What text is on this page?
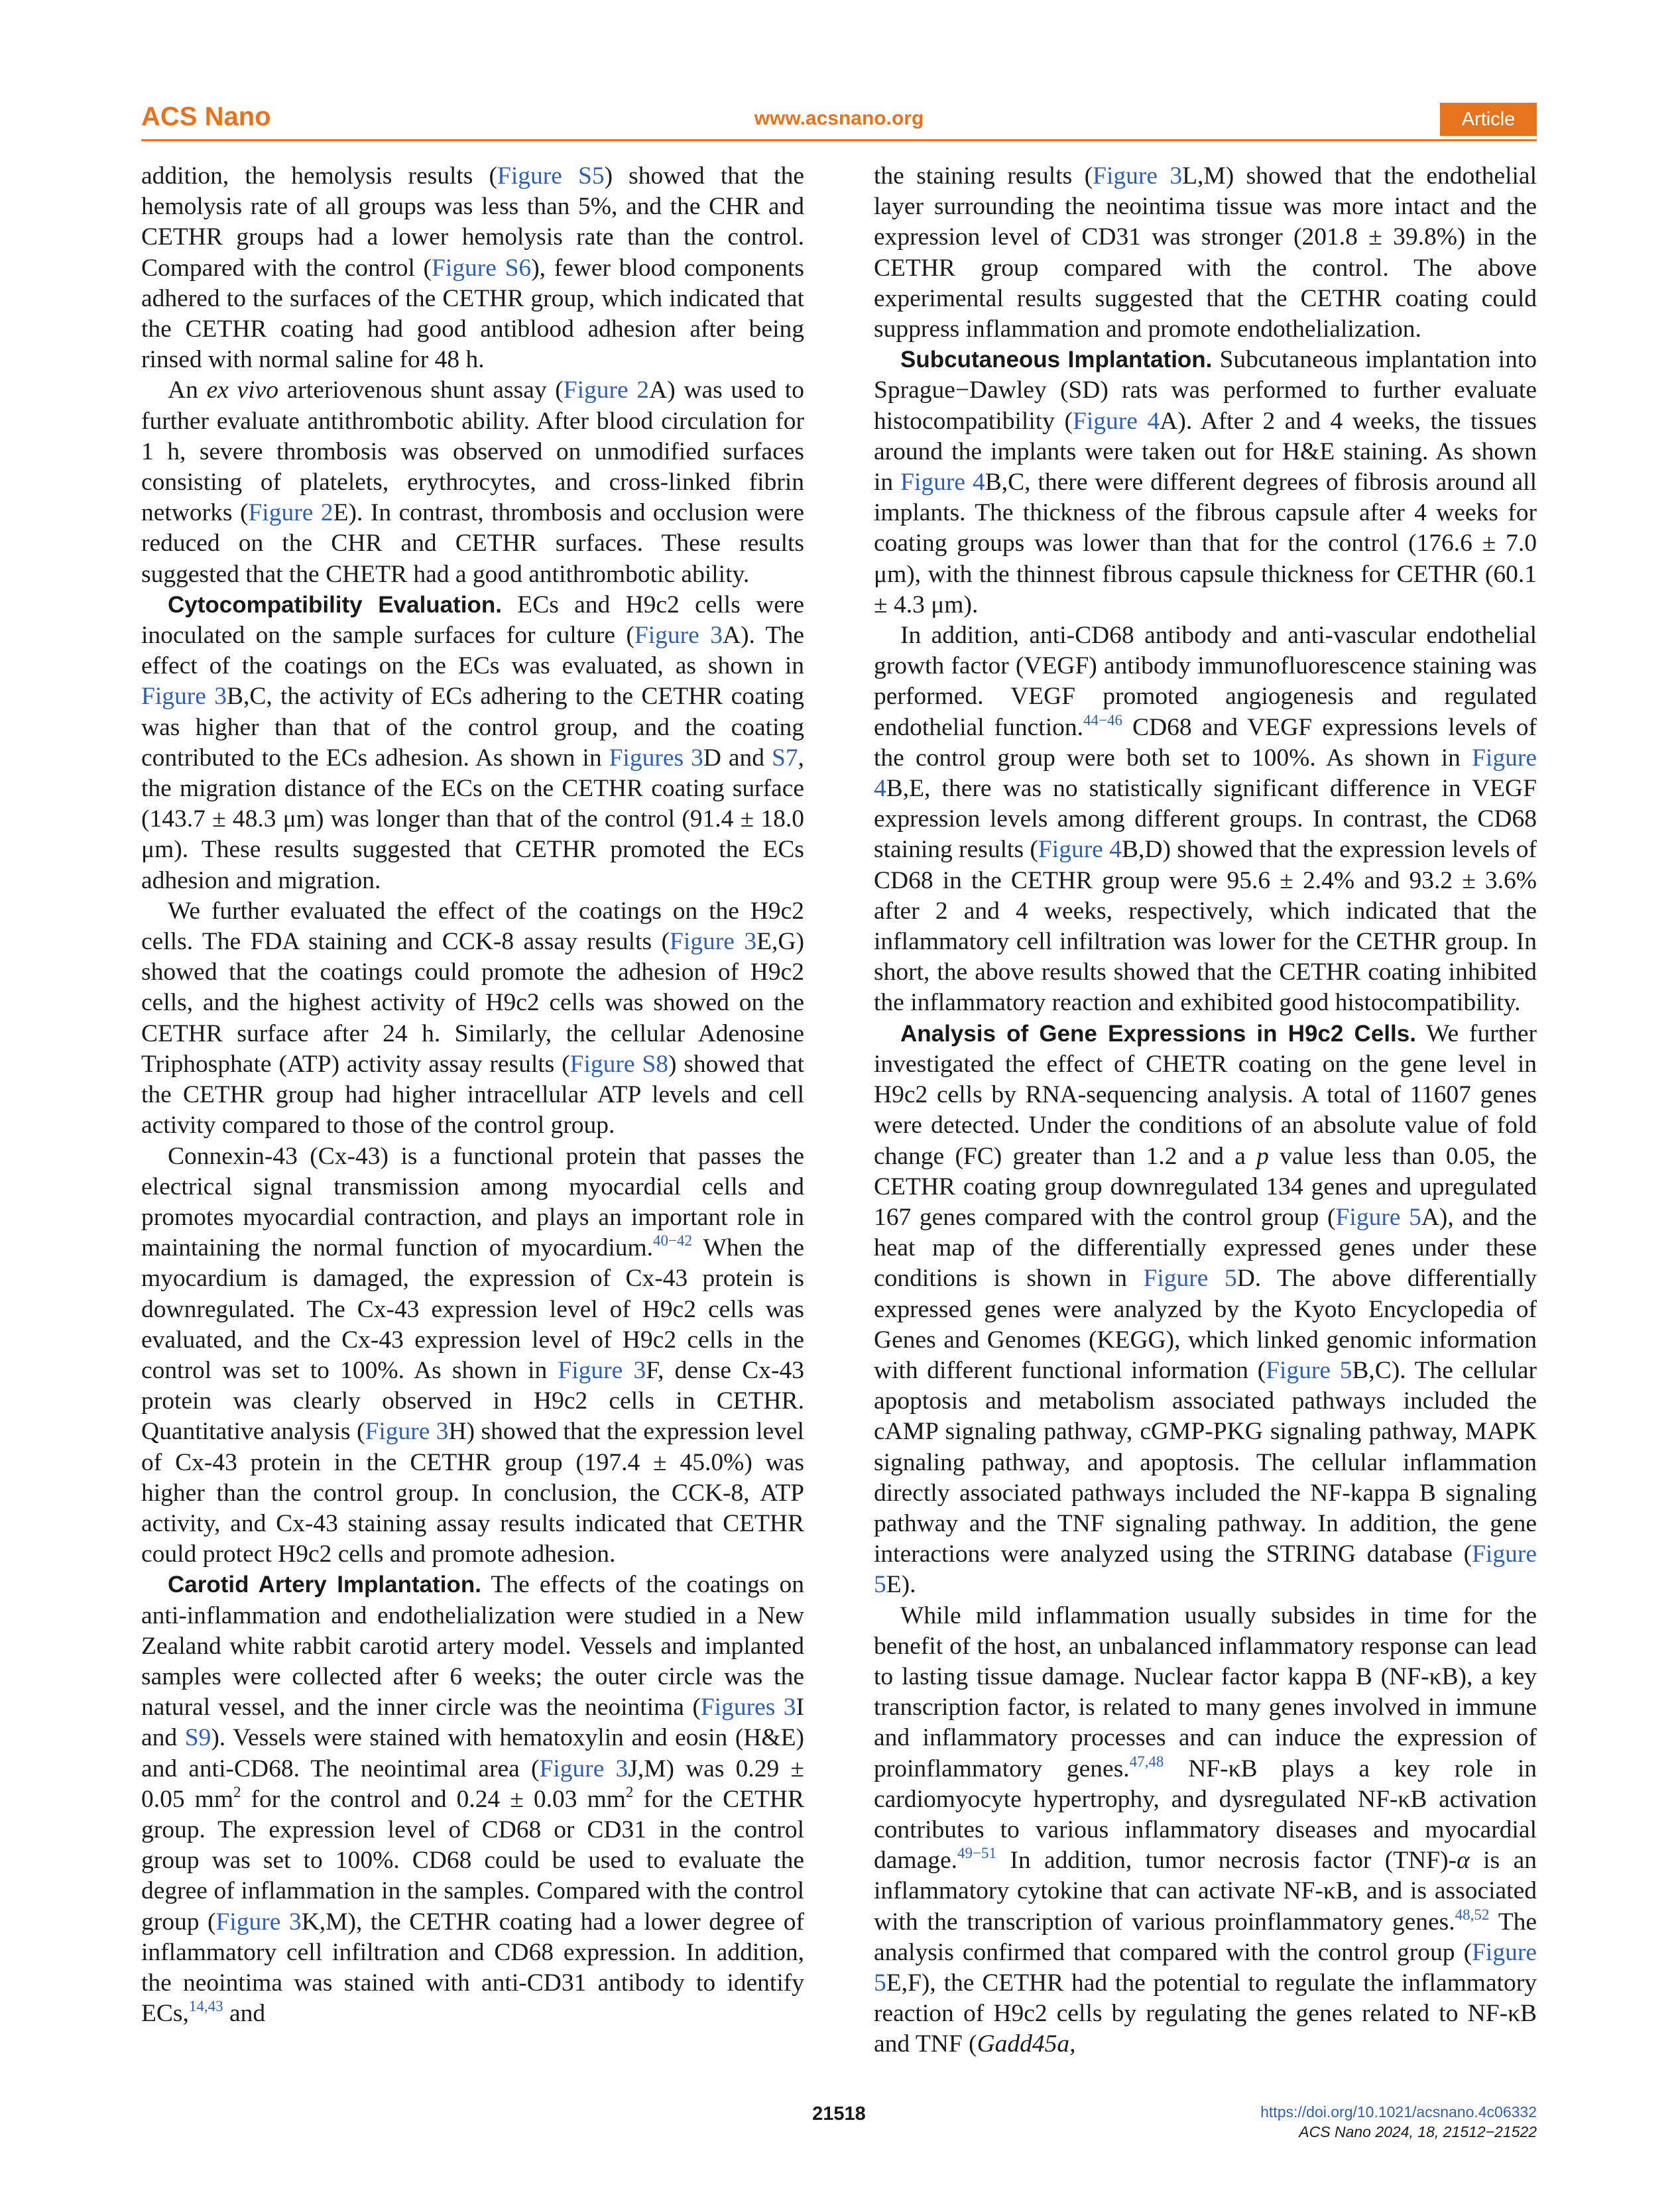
ACS Nano	www.acsnano.org	Article

addition, the hemolysis results (Figure S5) showed that the hemolysis rate of all groups was less than 5%, and the CHR and CETHR groups had a lower hemolysis rate than the control. Compared with the control (Figure S6), fewer blood components adhered to the surfaces of the CETHR group, which indicated that the CETHR coating had good antiblood adhesion after being rinsed with normal saline for 48 h.

An ex vivo arteriovenous shunt assay (Figure 2A) was used to further evaluate antithrombotic ability. After blood circulation for 1 h, severe thrombosis was observed on unmodified surfaces consisting of platelets, erythrocytes, and cross-linked fibrin networks (Figure 2E). In contrast, thrombosis and occlusion were reduced on the CHR and CETHR surfaces. These results suggested that the CHETR had a good antithrombotic ability.

Cytocompatibility Evaluation. ECs and H9c2 cells were inoculated on the sample surfaces for culture (Figure 3A). The effect of the coatings on the ECs was evaluated, as shown in Figure 3B,C, the activity of ECs adhering to the CETHR coating was higher than that of the control group, and the coating contributed to the ECs adhesion. As shown in Figures 3D and S7, the migration distance of the ECs on the CETHR coating surface (143.7 ± 48.3 μm) was longer than that of the control (91.4 ± 18.0 μm). These results suggested that CETHR promoted the ECs adhesion and migration.

We further evaluated the effect of the coatings on the H9c2 cells. The FDA staining and CCK-8 assay results (Figure 3E,G) showed that the coatings could promote the adhesion of H9c2 cells, and the highest activity of H9c2 cells was showed on the CETHR surface after 24 h. Similarly, the cellular Adenosine Triphosphate (ATP) activity assay results (Figure S8) showed that the CETHR group had higher intracellular ATP levels and cell activity compared to those of the control group.

Connexin-43 (Cx-43) is a functional protein that passes the electrical signal transmission among myocardial cells and promotes myocardial contraction, and plays an important role in maintaining the normal function of myocardium.$^{40-42}$ When the myocardium is damaged, the expression of Cx-43 protein is downregulated. The Cx-43 expression level of H9c2 cells was evaluated, and the Cx-43 expression level of H9c2 cells in the control was set to 100%. As shown in Figure 3F, dense Cx-43 protein was clearly observed in H9c2 cells in CETHR. Quantitative analysis (Figure 3H) showed that the expression level of Cx-43 protein in the CETHR group (197.4 ± 45.0%) was higher than the control group. In conclusion, the CCK-8, ATP activity, and Cx-43 staining assay results indicated that CETHR could protect H9c2 cells and promote adhesion.

Carotid Artery Implantation. The effects of the coatings on anti-inflammation and endothelialization were studied in a New Zealand white rabbit carotid artery model. Vessels and implanted samples were collected after 6 weeks; the outer circle was the natural vessel, and the inner circle was the neointima (Figures 3I and S9). Vessels were stained with hematoxylin and eosin (H&E) and anti-CD68. The neointimal area (Figure 3J,M) was 0.29 ± 0.05 $mm^2$ for the control and 0.24 ± 0.03 $mm^2$ for the CETHR group. The expression level of CD68 or CD31 in the control group was set to 100%. CD68 could be used to evaluate the degree of inflammation in the samples. Compared with the control group (Figure 3K,M), the CETHR coating had a lower degree of inflammatory cell infiltration and CD68 expression. In addition, the neointima was stained with anti-CD31 antibody to identify ECs,$^{14,43}$ and

the staining results (Figure 3L,M) showed that the endothelial layer surrounding the neointima tissue was more intact and the expression level of CD31 was stronger (201.8 ± 39.8%) in the CETHR group compared with the control. The above experimental results suggested that the CETHR coating could suppress inflammation and promote endothelialization.

Subcutaneous Implantation. Subcutaneous implantation into Sprague−Dawley (SD) rats was performed to further evaluate histocompatibility (Figure 4A). After 2 and 4 weeks, the tissues around the implants were taken out for H&E staining. As shown in Figure 4B,C, there were different degrees of fibrosis around all implants. The thickness of the fibrous capsule after 4 weeks for coating groups was lower than that for the control (176.6 ± 7.0 μm), with the thinnest fibrous capsule thickness for CETHR (60.1 ± 4.3 μm).

In addition, anti-CD68 antibody and anti-vascular endothelial growth factor (VEGF) antibody immunofluorescence staining was performed. VEGF promoted angiogenesis and regulated endothelial function.$^{44-46}$ CD68 and VEGF expressions levels of the control group were both set to 100%. As shown in Figure 4B,E, there was no statistically significant difference in VEGF expression levels among different groups. In contrast, the CD68 staining results (Figure 4B,D) showed that the expression levels of CD68 in the CETHR group were 95.6 ± 2.4% and 93.2 ± 3.6% after 2 and 4 weeks, respectively, which indicated that the inflammatory cell infiltration was lower for the CETHR group. In short, the above results showed that the CETHR coating inhibited the inflammatory reaction and exhibited good histocompatibility.

Analysis of Gene Expressions in H9c2 Cells. We further investigated the effect of CHETR coating on the gene level in H9c2 cells by RNA-sequencing analysis. A total of 11607 genes were detected. Under the conditions of an absolute value of fold change (FC) greater than 1.2 and a p value less than 0.05, the CETHR coating group downregulated 134 genes and upregulated 167 genes compared with the control group (Figure 5A), and the heat map of the differentially expressed genes under these conditions is shown in Figure 5D. The above differentially expressed genes were analyzed by the Kyoto Encyclopedia of Genes and Genomes (KEGG), which linked genomic information with different functional information (Figure 5B,C). The cellular apoptosis and metabolism associated pathways included the cAMP signaling pathway, cGMP-PKG signaling pathway, MAPK signaling pathway, and apoptosis. The cellular inflammation directly associated pathways included the NF-kappa B signaling pathway and the TNF signaling pathway. In addition, the gene interactions were analyzed using the STRING database (Figure 5E).

While mild inflammation usually subsides in time for the benefit of the host, an unbalanced inflammatory response can lead to lasting tissue damage. Nuclear factor kappa B (NF-κB), a key transcription factor, is related to many genes involved in immune and inflammatory processes and can induce the expression of proinflammatory genes.$^{47,48}$ NF-κB plays a key role in cardiomyocyte hypertrophy, and dysregulated NF-κB activation contributes to various inflammatory diseases and myocardial damage.$^{49-51}$ In addition, tumor necrosis factor (TNF)-α is an inflammatory cytokine that can activate NF-κB, and is associated with the transcription of various proinflammatory genes.$^{48,52}$ The analysis confirmed that compared with the control group (Figure 5E,F), the CETHR had the potential to regulate the inflammatory reaction of H9c2 cells by regulating the genes related to NF-κB and TNF (Gadd45a,

21518	https://doi.org/10.1021/acsnano.4c06332
ACS Nano 2024, 18, 21512−21522
